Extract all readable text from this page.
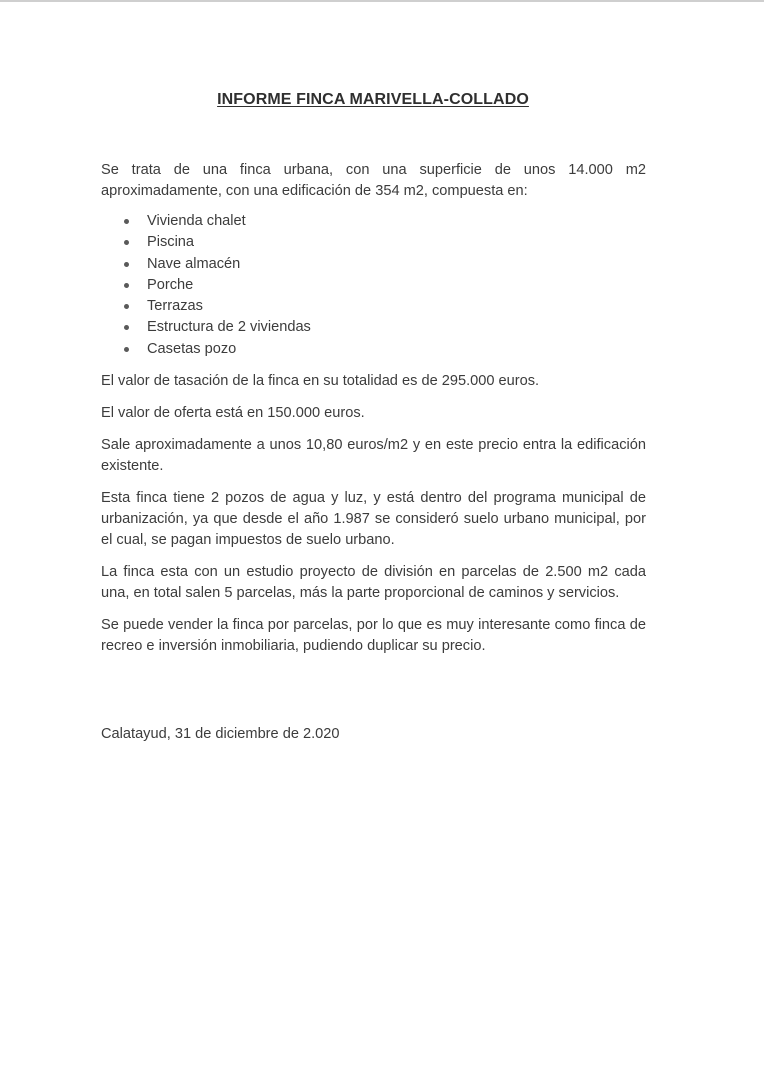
INFORME FINCA MARIVELLA-COLLADO

Se trata de una finca urbana, con una superficie de unos 14.000 m2 aproximadamente, con una edificación de 354 m2, compuesta en:

Vivienda chalet
Piscina
Nave almacén
Porche
Terrazas
Estructura de 2 viviendas
Casetas pozo

El valor de tasación de la finca en su totalidad es de 295.000 euros.

El valor de oferta está en 150.000 euros.

Sale aproximadamente a unos 10,80 euros/m2 y en este precio entra la edificación existente.

Esta finca tiene 2 pozos de agua y luz, y está dentro del programa municipal de urbanización, ya que desde el año 1.987 se consideró suelo urbano municipal, por el cual, se pagan impuestos de suelo urbano.

La finca esta con un estudio proyecto de división en parcelas de 2.500 m2 cada una, en total salen 5 parcelas, más la parte proporcional de caminos y servicios.

Se puede vender la finca por parcelas, por lo que es muy interesante como finca de recreo e inversión inmobiliaria, pudiendo duplicar su precio.

Calatayud, 31 de diciembre de 2.020
